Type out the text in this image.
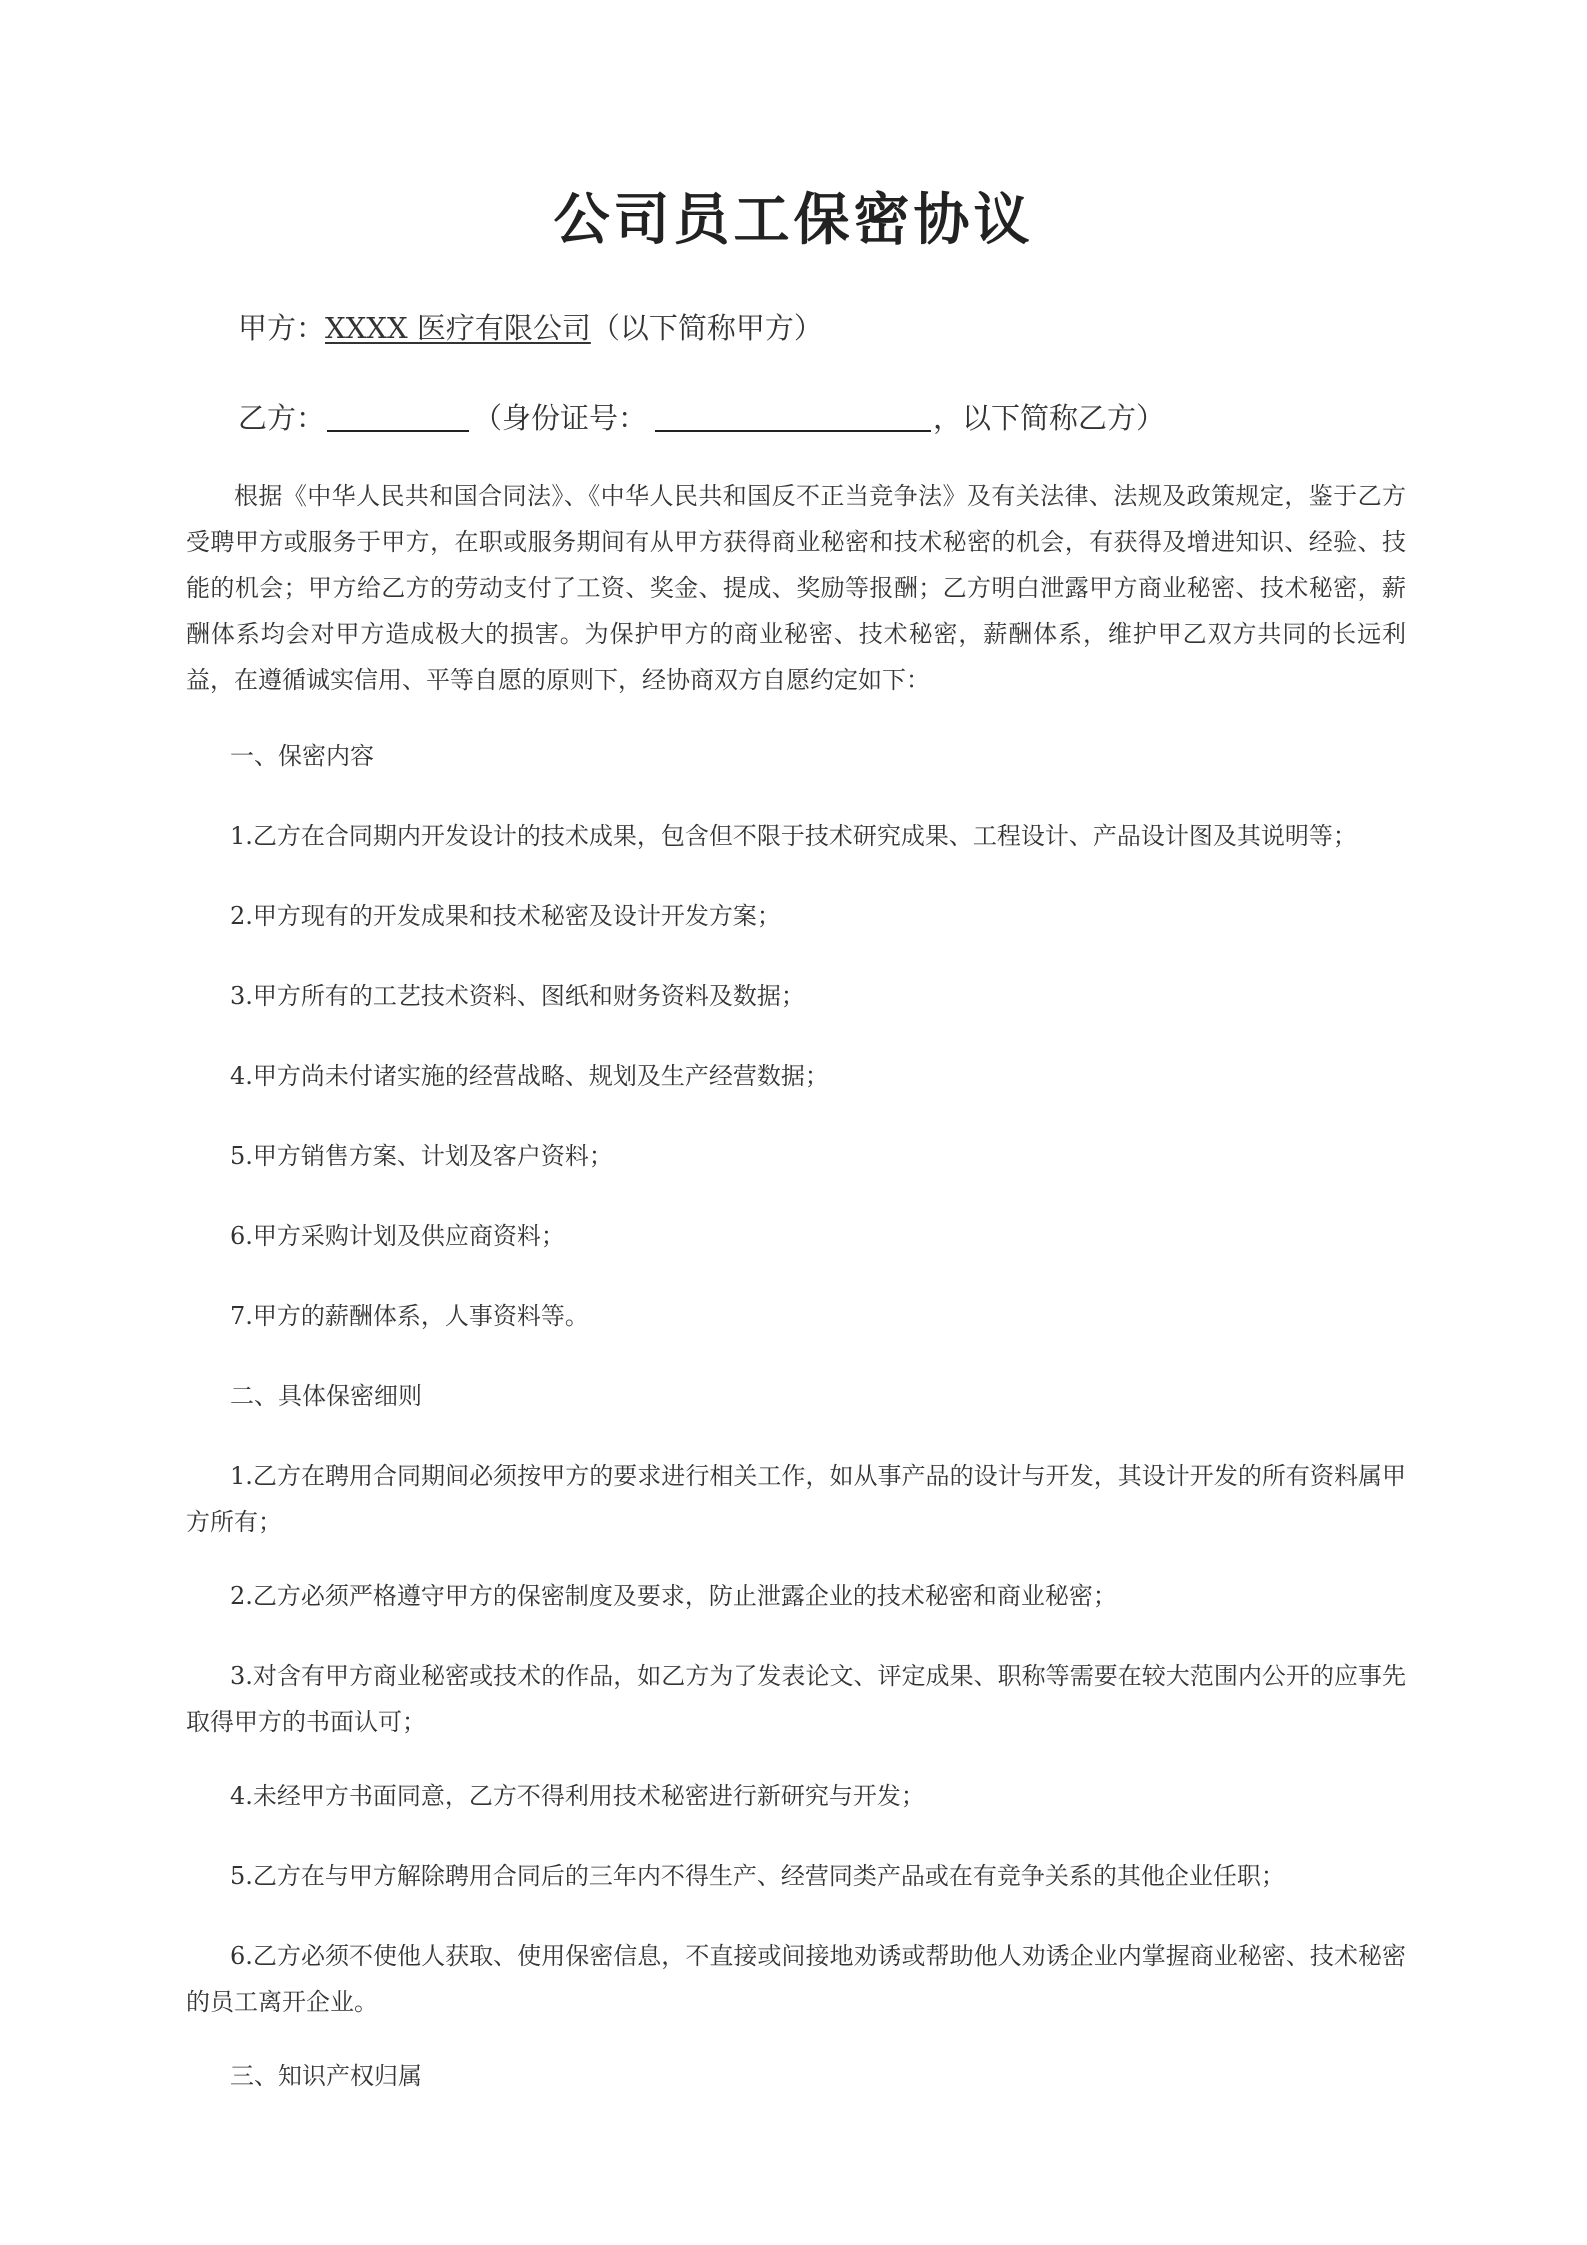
公司员工保密协议
甲方：XXXX 医疗有限公司（以下简称甲方）
乙方：	（身份证号：	，以下简称乙方）

根据《中华人民共和国合同法》、《中华人民共和国反不正当竞争法》及有关法律、法规及政策规定，鉴于乙方受聘甲方或服务于甲方，在职或服务期间有从甲方获得商业秘密和技术秘密的机会，有获得及增进知识、经验、技能的机会；甲方给乙方的劳动支付了工资、奖金、提成、奖励等报酬；乙方明白泄露甲方商业秘密、技术秘密，薪酬体系均会对甲方造成极大的损害。为保护甲方的商业秘密、技术秘密，薪酬体系，维护甲乙双方共同的长远利益，在遵循诚实信用、平等自愿的原则下，经协商双方自愿约定如下：

一、保密内容

1.乙方在合同期内开发设计的技术成果，包含但不限于技术研究成果、工程设计、产品设计图及其说明等；

2.甲方现有的开发成果和技术秘密及设计开发方案；

3.甲方所有的工艺技术资料、图纸和财务资料及数据；

4.甲方尚未付诸实施的经营战略、规划及生产经营数据；

5.甲方销售方案、计划及客户资料；

6.甲方采购计划及供应商资料；

7.甲方的薪酬体系，人事资料等。

二、具体保密细则

1.乙方在聘用合同期间必须按甲方的要求进行相关工作，如从事产品的设计与开发，其设计开发的所有资料属甲方所有；

2.乙方必须严格遵守甲方的保密制度及要求，防止泄露企业的技术秘密和商业秘密；

3.对含有甲方商业秘密或技术的作品，如乙方为了发表论文、评定成果、职称等需要在较大范围内公开的应事先取得甲方的书面认可；

4.未经甲方书面同意，乙方不得利用技术秘密进行新研究与开发；

5.乙方在与甲方解除聘用合同后的三年内不得生产、经营同类产品或在有竞争关系的其他企业任职；

6.乙方必须不使他人获取、使用保密信息，不直接或间接地劝诱或帮助他人劝诱企业内掌握商业秘密、技术秘密的员工离开企业。

三、知识产权归属
